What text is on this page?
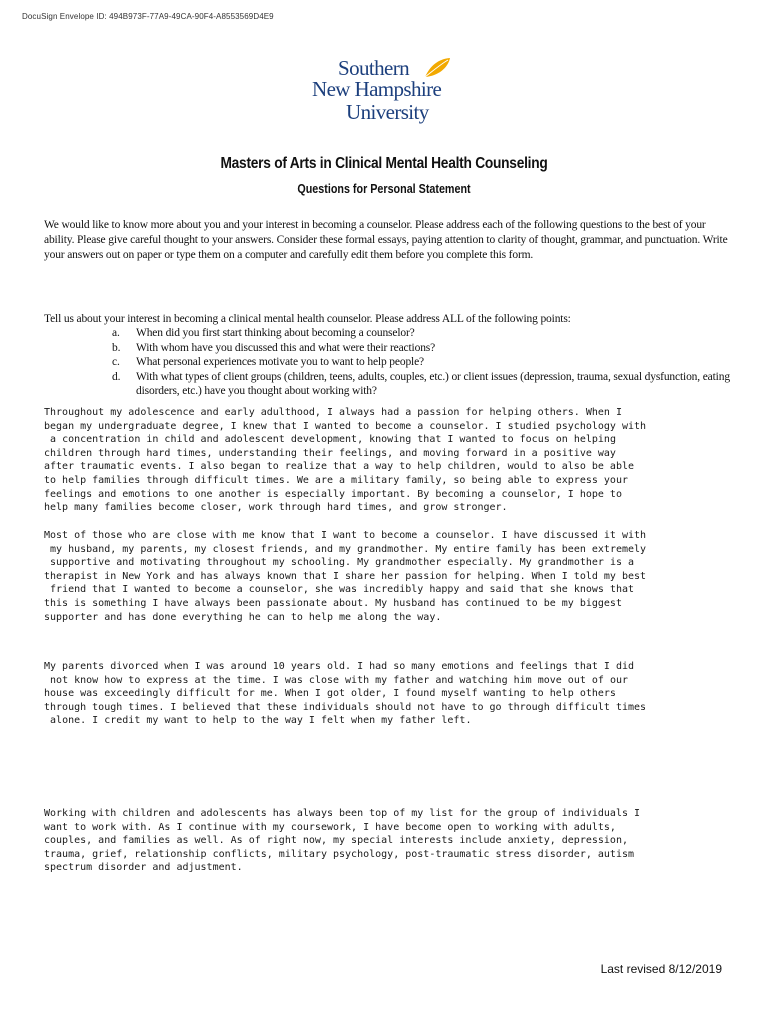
DocuSign Envelope ID: 494B973F-77A9-49CA-90F4-A8553569D4E9
Southern
New Hampshire
University
Masters of Arts in Clinical Mental Health Counseling
Questions for Personal Statement
We would like to know more about you and your interest in becoming a counselor. Please address each of the following questions to the best of your ability. Please give careful thought to your answers. Consider these formal essays, paying attention to clarity of thought, grammar, and punctuation. Write your answers out on paper or type them on a computer and carefully edit them before you complete this form.
Tell us about your interest in becoming a clinical mental health counselor. Please address ALL of the following points:
a.	When did you first start thinking about becoming a counselor?
b.	With whom have you discussed this and what were their reactions?
c.	What personal experiences motivate you to want to help people?
d.	With what types of client groups (children, teens, adults, couples, etc.) or client issues (depression, trauma, sexual dysfunction, eating disorders, etc.) have you thought about working with?
Throughout my adolescence and early adulthood, I always had a passion for helping others. When I
began my undergraduate degree, I knew that I wanted to become a counselor. I studied psychology with
a concentration in child and adolescent development, knowing that I wanted to focus on helping
children through hard times, understanding their feelings, and moving forward in a positive way
after traumatic events. I also began to realize that a way to help children, would to also be able
to help families through difficult times. We are a military family, so being able to express your
feelings and emotions to one another is especially important. By becoming a counselor, I hope to
help many families become closer, work through hard times, and grow stronger.
Most of those who are close with me know that I want to become a counselor. I have discussed it with
my husband, my parents, my closest friends, and my grandmother. My entire family has been extremely
supportive and motivating throughout my schooling. My grandmother especially. My grandmother is a
therapist in New York and has always known that I share her passion for helping. When I told my best
friend that I wanted to become a counselor, she was incredibly happy and said that she knows that
this is something I have always been passionate about. My husband has continued to be my biggest
supporter and has done everything he can to help me along the way.
My parents divorced when I was around 10 years old. I had so many emotions and feelings that I did
not know how to express at the time. I was close with my father and watching him move out of our
house was exceedingly difficult for me. When I got older, I found myself wanting to help others
through tough times. I believed that these individuals should not have to go through difficult times
alone. I credit my want to help to the way I felt when my father left.
Working with children and adolescents has always been top of my list for the group of individuals I
want to work with. As I continue with my coursework, I have become open to working with adults,
couples, and families as well. As of right now, my special interests include anxiety, depression,
trauma, grief, relationship conflicts, military psychology, post-traumatic stress disorder, autism
spectrum disorder and adjustment.
Last revised 8/12/2019
